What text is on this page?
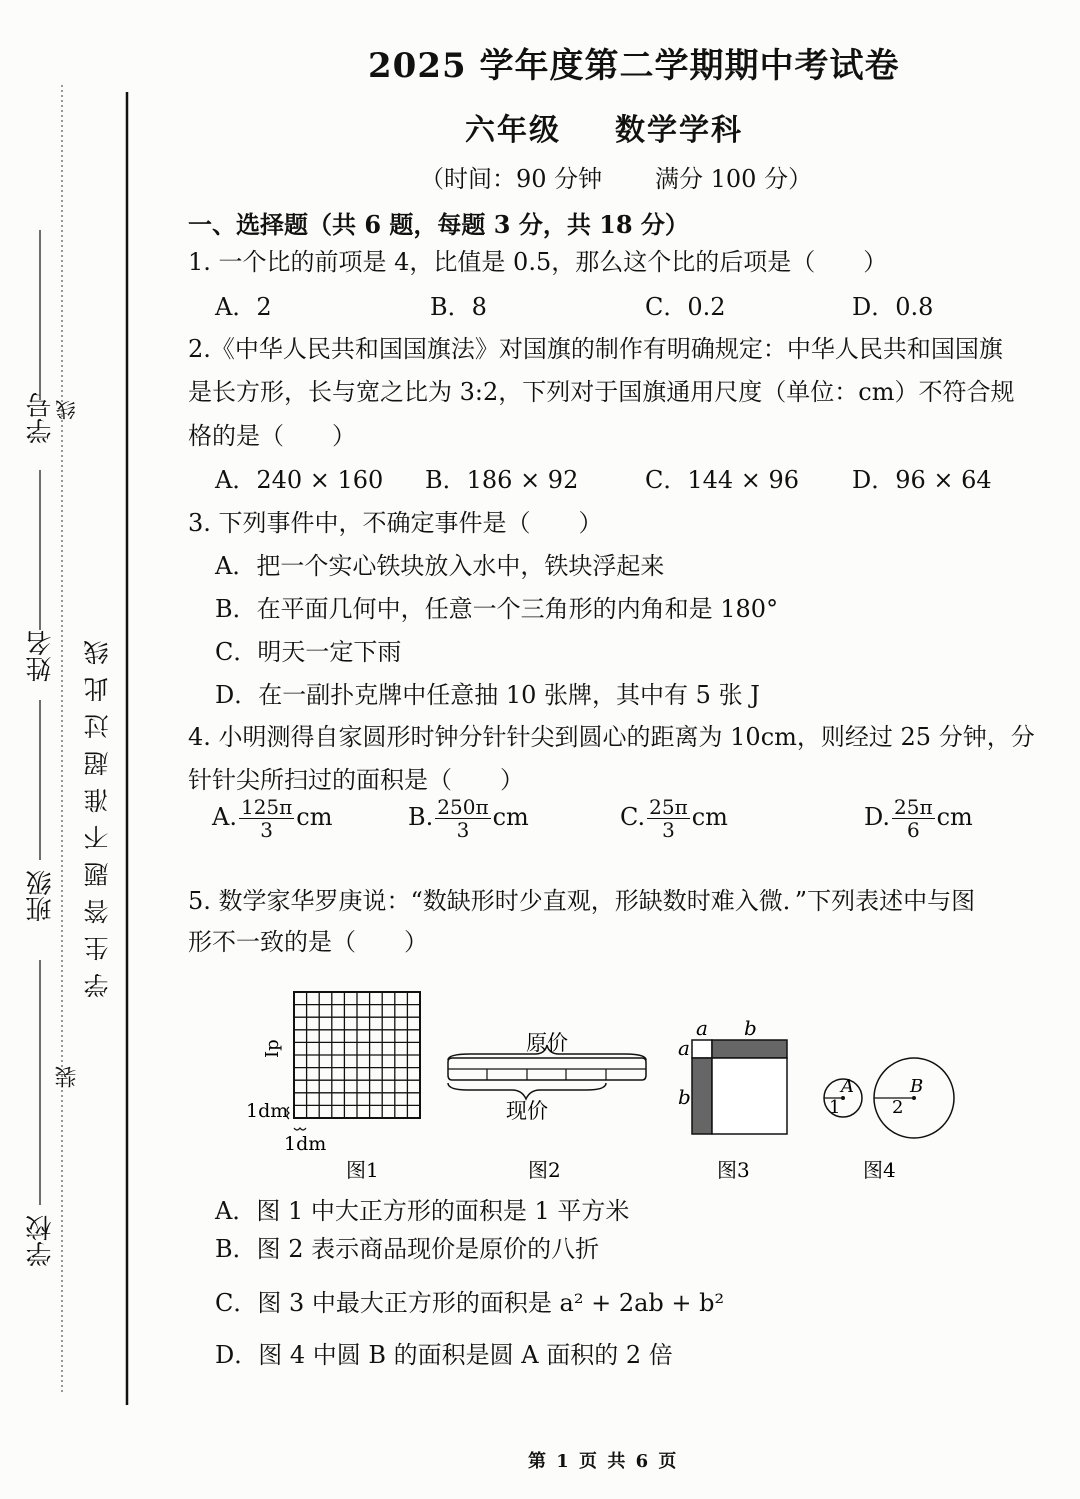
学号
姓名
班级
学校
线
装
学生答题不准超过此线
2025 学年度第二学期期中考试卷
六年级 数学学科
（时间：90 分钟 满分 100 分）
一、选择题（共 6 题，每题 3 分，共 18 分）
1. 一个比的前项是 4，比值是 0.5，那么这个比的后项是（　　）
A．2	B．8	C．0.2	D．0.8
2.《中华人民共和国国旗法》对国旗的制作有明确规定：中华人民共和国国旗
是长方形，长与宽之比为 3:2，下列对于国旗通用尺度（单位：cm）不符合规
格的是（　　）
A．240 × 160 B．186 × 92	C．144 × 96 D．96 × 64
3. 下列事件中，不确定事件是（　　）
A．把一个实心铁块放入水中，铁块浮起来
B．在平面几何中，任意一个三角形的内角和是 180°
C．明天一定下雨
D．在一副扑克牌中任意抽 10 张牌，其中有 5 张 J
4. 小明测得自家圆形时钟分针针尖到圆心的距离为 10cm，则经过 25 分钟，分
针针尖所扫过的面积是（　　）
A. $\frac{125\pi}{3}$ cm	B. $\frac{250\pi}{3}$ cm	C. $\frac{25\pi}{3}$ cm	D. $\frac{25\pi}{6}$ cm
5. 数学家华罗庚说：“数缺形时少直观，形缺数时难入微．”下列表述中与图
形不一致的是（　　）
Ip
1dm
1dm
图1
原价
现价
图2
a b
a
b
图3
A
1
B
2
图4
A．图 1 中大正方形的面积是 1 平方米
B．图 2 表示商品现价是原价的八折
C．图 3 中最大正方形的面积是 a² + 2ab + b²
D．图 4 中圆 B 的面积是圆 A 面积的 2 倍
第 1 页 共 6 页
